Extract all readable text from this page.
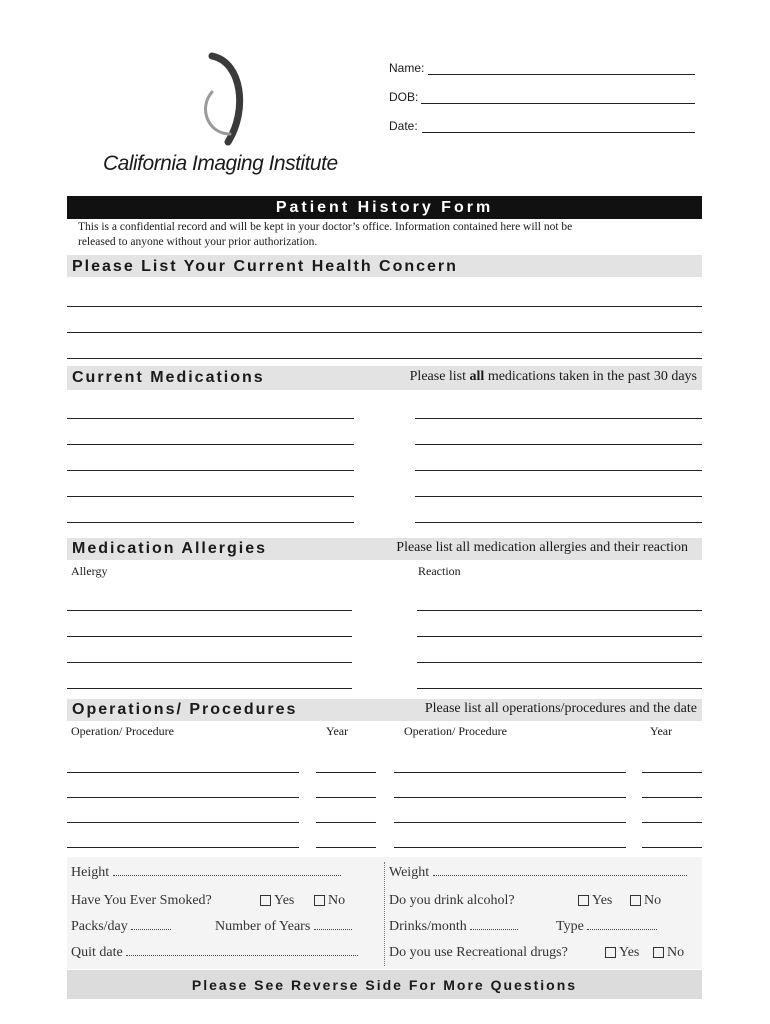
California Imaging Institute
Name:
DOB:
Date:
Patient History Form
This is a confidential record and will be kept in your doctor’s office. Information contained here will not be
released to anyone without your prior authorization.
Please List Your Current Health Concern
Current Medications	Please list all medications taken in the past 30 days
Medication Allergies	Please list all medication allergies and their reaction
Allergy	Reaction
Operations/ Procedures	Please list all operations/procedures and the date
Operation/ Procedure	Year	Operation/ Procedure	Year
Height	Weight
Have You Ever Smoked?	Yes	No	Do you drink alcohol?	Yes	No
Packs/day	Number of Years	Drinks/month	Type
Quit date	Do you use Recreational drugs?	Yes	No
Please See Reverse Side For More Questions
